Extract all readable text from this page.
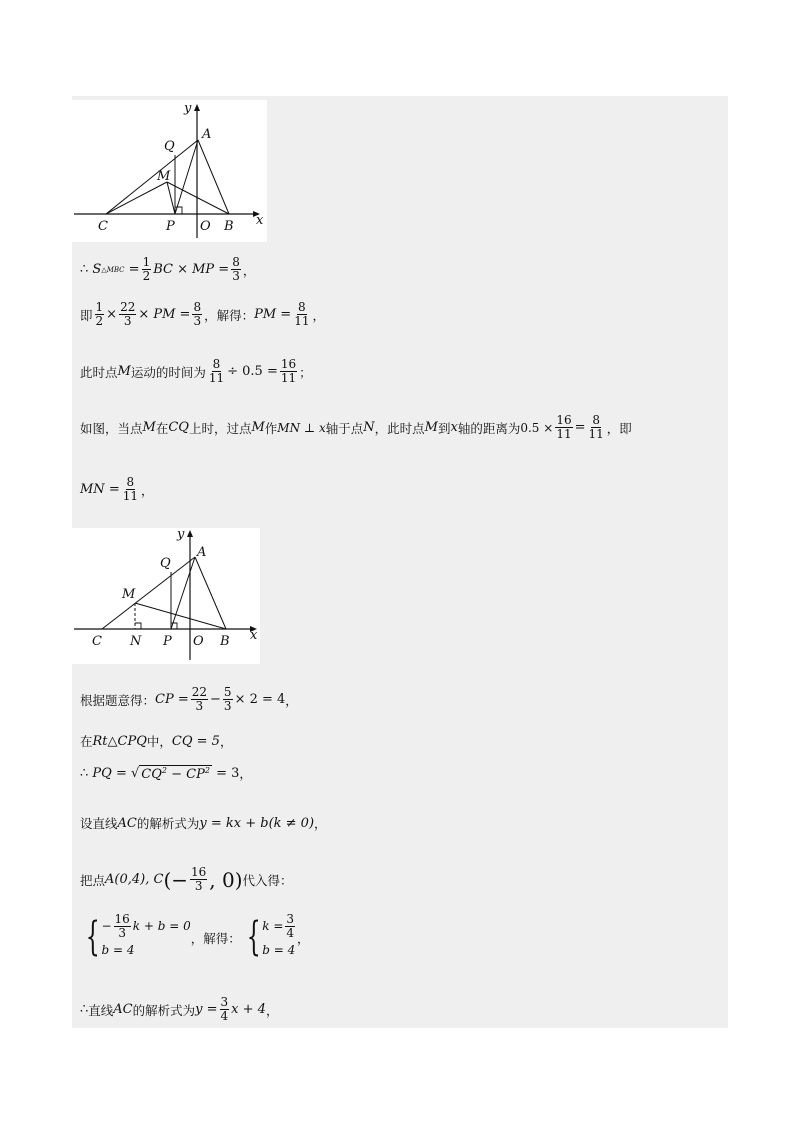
y
A
Q
M
C	P O B x
∴
S △MBC
= $\frac{1}{2}$ BC × MP = $\frac{8}{3}$ ，
即 $\frac{1}{2} \times \frac{22}{3}$ × PM = $\frac{8}{3}$ ，解得： PM = $\frac{8}{11}$ ，
此时点 M 运动的时间为 $\frac{8}{11} \div 0.5 = \frac{16}{11}$ ；
如图，当点 M 在 CQ 上时，过点 M 作 MN ⊥ x 轴于点 N ，此时点 M 到 x 轴的距离为 $0.5 \times \frac{16}{11} = \frac{8}{11}$ ，即
MN = $\frac{8}{11}$ ，
y
A
Q
M
C N P O B x
根据题意得： CP = $\frac{22}{3} - \frac{5}{3} \times 2 = 4$ ，
在 Rt△CPQ 中， CQ = 5 ，
∴
PQ =
√ $CQ^2 - CP^2$
= 3 ，
设直线 AC 的解析式为 y = kx + b(k ≠ 0) ，
把点 A(0,4), C (− $\frac{16}{3}$ , 0) 代入得：
{ − $\frac{16}{3}$ k + b = 0
b = 4
，解得： { $k = \frac{3}{4}$
b = 4
，
∴ 直线 AC 的解析式为 $y = \frac{3}{4}$ x + 4 ，
